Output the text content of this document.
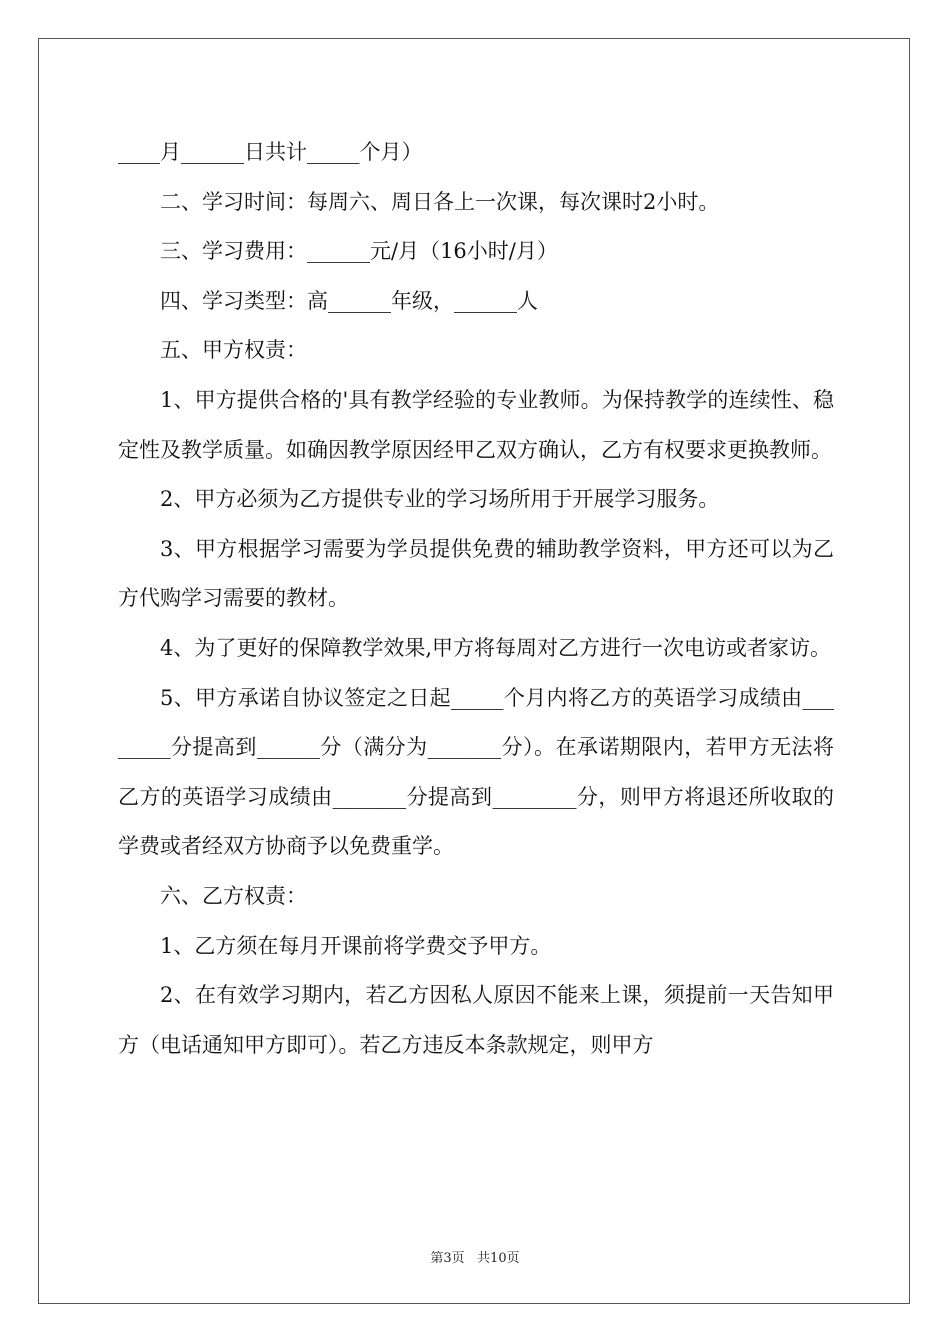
____月______日共计_____个月）

二、学习时间：每周六、周日各上一次课，每次课时2小时。

三、学习费用：______元/月（16小时/月）

四、学习类型：高______年级，______人

五、甲方权责：

1、甲方提供合格的'具有教学经验的专业教师。为保持教学的连续性、稳定性及教学质量。如确因教学原因经甲乙双方确认，乙方有权要求更换教师。

2、甲方必须为乙方提供专业的学习场所用于开展学习服务。

3、甲方根据学习需要为学员提供免费的辅助教学资料，甲方还可以为乙方代购学习需要的教材。

4、为了更好的保障教学效果,甲方将每周对乙方进行一次电访或者家访。

5、甲方承诺自协议签定之日起_____个月内将乙方的英语学习成绩由________分提高到______分（满分为_______分）。在承诺期限内，若甲方无法将乙方的英语学习成绩由_______分提高到________分，则甲方将退还所收取的学费或者经双方协商予以免费重学。

六、乙方权责：

1、乙方须在每月开课前将学费交予甲方。

2、在有效学习期内，若乙方因私人原因不能来上课，须提前一天告知甲方（电话通知甲方即可）。若乙方违反本条款规定，则甲方

第3页   共10页
